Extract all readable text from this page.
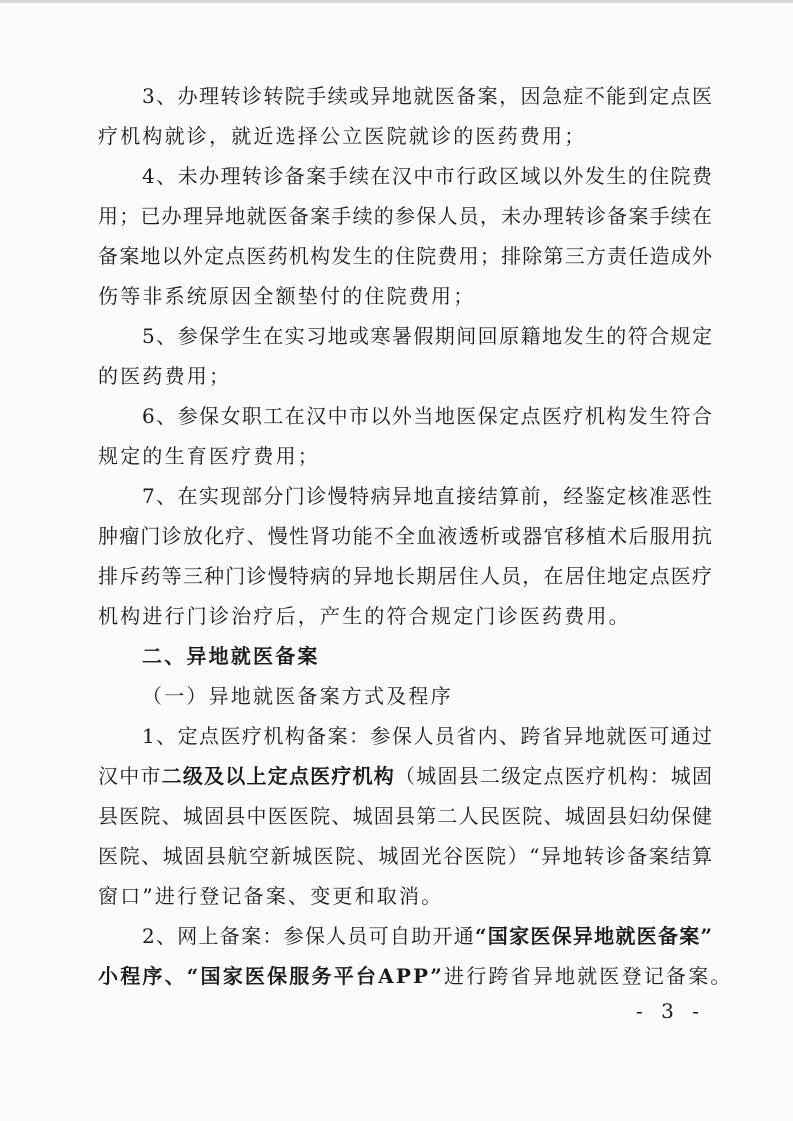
3、办理转诊转院手续或异地就医备案，因急症不能到定点医
疗机构就诊，就近选择公立医院就诊的医药费用；
4、未办理转诊备案手续在汉中市行政区域以外发生的住院费
用；已办理异地就医备案手续的参保人员，未办理转诊备案手续在
备案地以外定点医药机构发生的住院费用；排除第三方责任造成外
伤等非系统原因全额垫付的住院费用；
5、参保学生在实习地或寒暑假期间回原籍地发生的符合规定
的医药费用；
6、参保女职工在汉中市以外当地医保定点医疗机构发生符合
规定的生育医疗费用；
7、在实现部分门诊慢特病异地直接结算前，经鉴定核准恶性
肿瘤门诊放化疗、慢性肾功能不全血液透析或器官移植术后服用抗
排斥药等三种门诊慢特病的异地长期居住人员，在居住地定点医疗
机构进行门诊治疗后，产生的符合规定门诊医药费用。
二、异地就医备案
（一）异地就医备案方式及程序
1、定点医疗机构备案：参保人员省内、跨省异地就医可通过
汉中市二级及以上定点医疗机构（城固县二级定点医疗机构：城固
县医院、城固县中医医院、城固县第二人民医院、城固县妇幼保健
医院、城固县航空新城医院、城固光谷医院）“异地转诊备案结算
窗口”进行登记备案、变更和取消。
2、网上备案：参保人员可自助开通“国家医保异地就医备案”
小程序、“国家医保服务平台APP”进行跨省异地就医登记备案。
- 3 -
